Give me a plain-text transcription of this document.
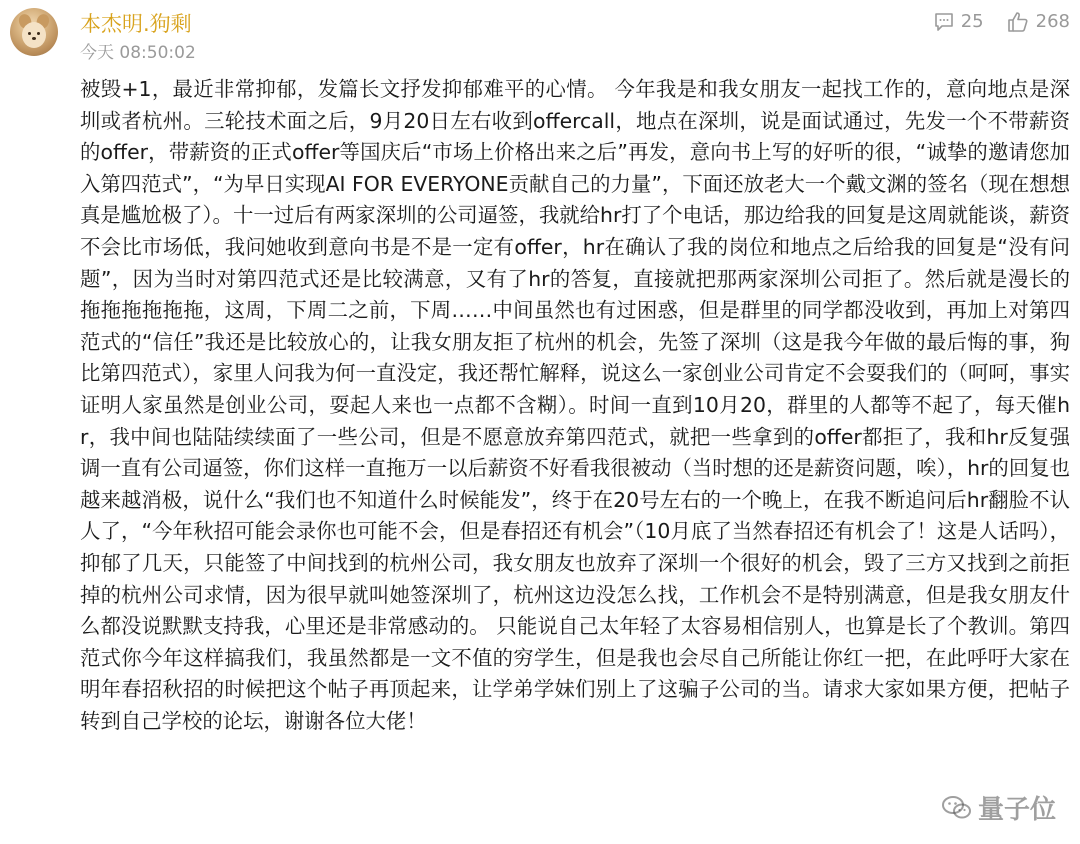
本杰明.狗剩
今天 08:50:02
25	268
被毁+1，最近非常抑郁，发篇长文抒发抑郁难平的心情。 今年我是和我女朋友一起找工作的，意向地点是深圳或者杭州。三轮技术面之后，9月20日左右收到offercall，地点在深圳，说是面试通过，先发一个不带薪资的offer，带薪资的正式offer等国庆后“市场上价格出来之后”再发，意向书上写的好听的很，“诚挚的邀请您加入第四范式”，“为早日实现AI FOR EVERYONE贡献自己的力量”，下面还放老大一个戴文渊的签名（现在想想真是尴尬极了）。十一过后有两家深圳的公司逼签，我就给hr打了个电话，那边给我的回复是这周就能谈，薪资不会比市场低，我问她收到意向书是不是一定有offer，hr在确认了我的岗位和地点之后给我的回复是“没有问题”，因为当时对第四范式还是比较满意，又有了hr的答复，直接就把那两家深圳公司拒了。然后就是漫长的拖拖拖拖拖拖，这周，下周二之前，下周……中间虽然也有过困惑，但是群里的同学都没收到，再加上对第四范式的“信任”我还是比较放心的，让我女朋友拒了杭州的机会，先签了深圳（这是我今年做的最后悔的事，狗比第四范式），家里人问我为何一直没定，我还帮忙解释，说这么一家创业公司肯定不会耍我们的（呵呵，事实证明人家虽然是创业公司，耍起人来也一点都不含糊）。时间一直到10月20，群里的人都等不起了，每天催hr，我中间也陆陆续续面了一些公司，但是不愿意放弃第四范式，就把一些拿到的offer都拒了，我和hr反复强调一直有公司逼签，你们这样一直拖万一以后薪资不好看我很被动（当时想的还是薪资问题，唉），hr的回复也越来越消极，说什么“我们也不知道什么时候能发”，终于在20号左右的一个晚上，在我不断追问后hr翻脸不认人了，“今年秋招可能会录你也可能不会，但是春招还有机会”（10月底了当然春招还有机会了！这是人话吗），抑郁了几天，只能签了中间找到的杭州公司，我女朋友也放弃了深圳一个很好的机会，毁了三方又找到之前拒掉的杭州公司求情，因为很早就叫她签深圳了，杭州这边没怎么找，工作机会不是特别满意，但是我女朋友什么都没说默默支持我，心里还是非常感动的。 只能说自己太年轻了太容易相信别人，也算是长了个教训。第四范式你今年这样搞我们，我虽然都是一文不值的穷学生，但是我也会尽自己所能让你红一把，在此呼吁大家在明年春招秋招的时候把这个帖子再顶起来，让学弟学妹们别上了这骗子公司的当。请求大家如果方便，把帖子转到自己学校的论坛，谢谢各位大佬！
量子位
